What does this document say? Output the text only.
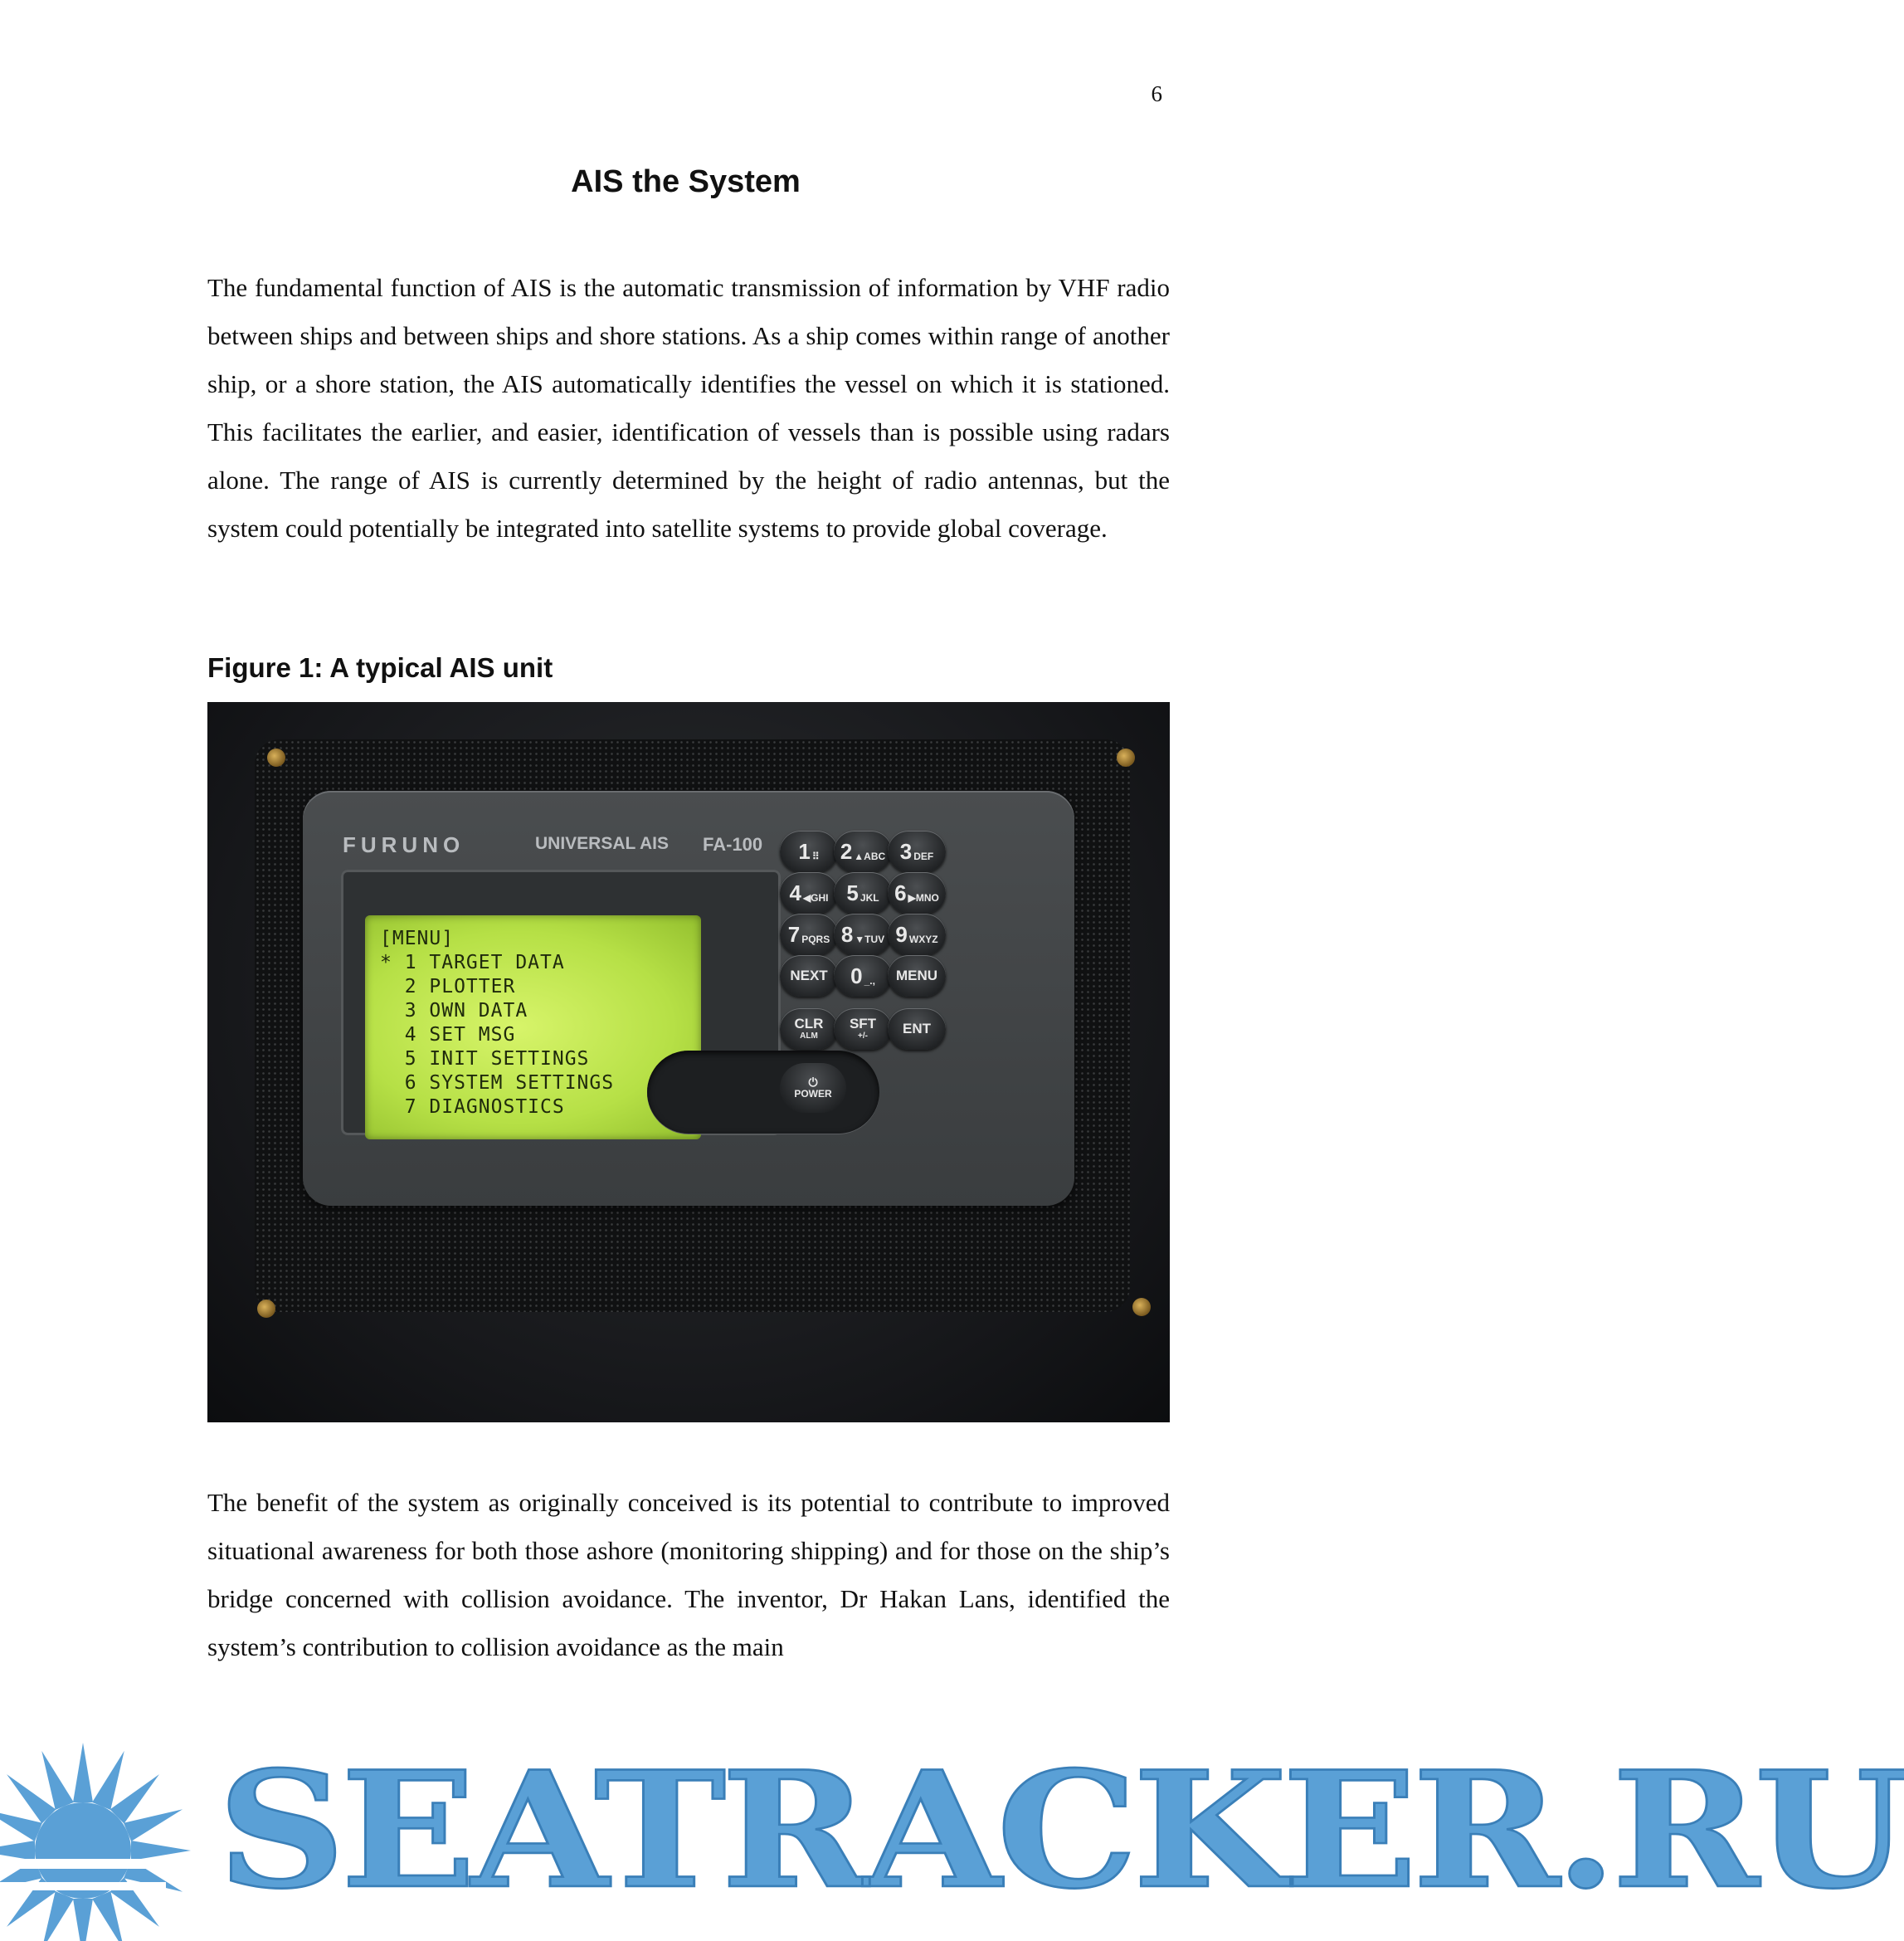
6
AIS the System
The fundamental function of AIS is the automatic transmission of information by VHF radio between ships and between ships and shore stations. As a ship comes within range of another ship, or a shore station, the AIS automatically identifies the vessel on which it is stationed. This facilitates the earlier, and easier, identification of vessels than is possible using radars alone. The range of AIS is currently determined by the height of radio antennas, but the system could potentially be integrated into satellite systems to provide global coverage.
Figure 1: A typical AIS unit
FURUNO	UNIVERSAL AIS FA-100
[MENU]
* 1 TARGET DATA
2 PLOTTER
3 OWN DATA
4 SET MSG
5 INIT SETTINGS
6 SYSTEM SETTINGS
7 DIAGNOSTICS
1 ⠿ 2 ▲ABC 3 DEF
4 ◀GHI 5 JKL 6 ▶MNO
7 PQRS 8 ▼TUV 9 WXYZ
NEXT 0 _., MENU
CLR
ALM
SFT
+/- ENT
⏻
POWER
The benefit of the system as originally conceived is its potential to contribute to improved situational awareness for both those ashore (monitoring shipping) and for those on the ship’s bridge concerned with collision avoidance. The inventor, Dr Hakan Lans, identified the system’s contribution to collision avoidance as the main
SEATRACKER.RU
